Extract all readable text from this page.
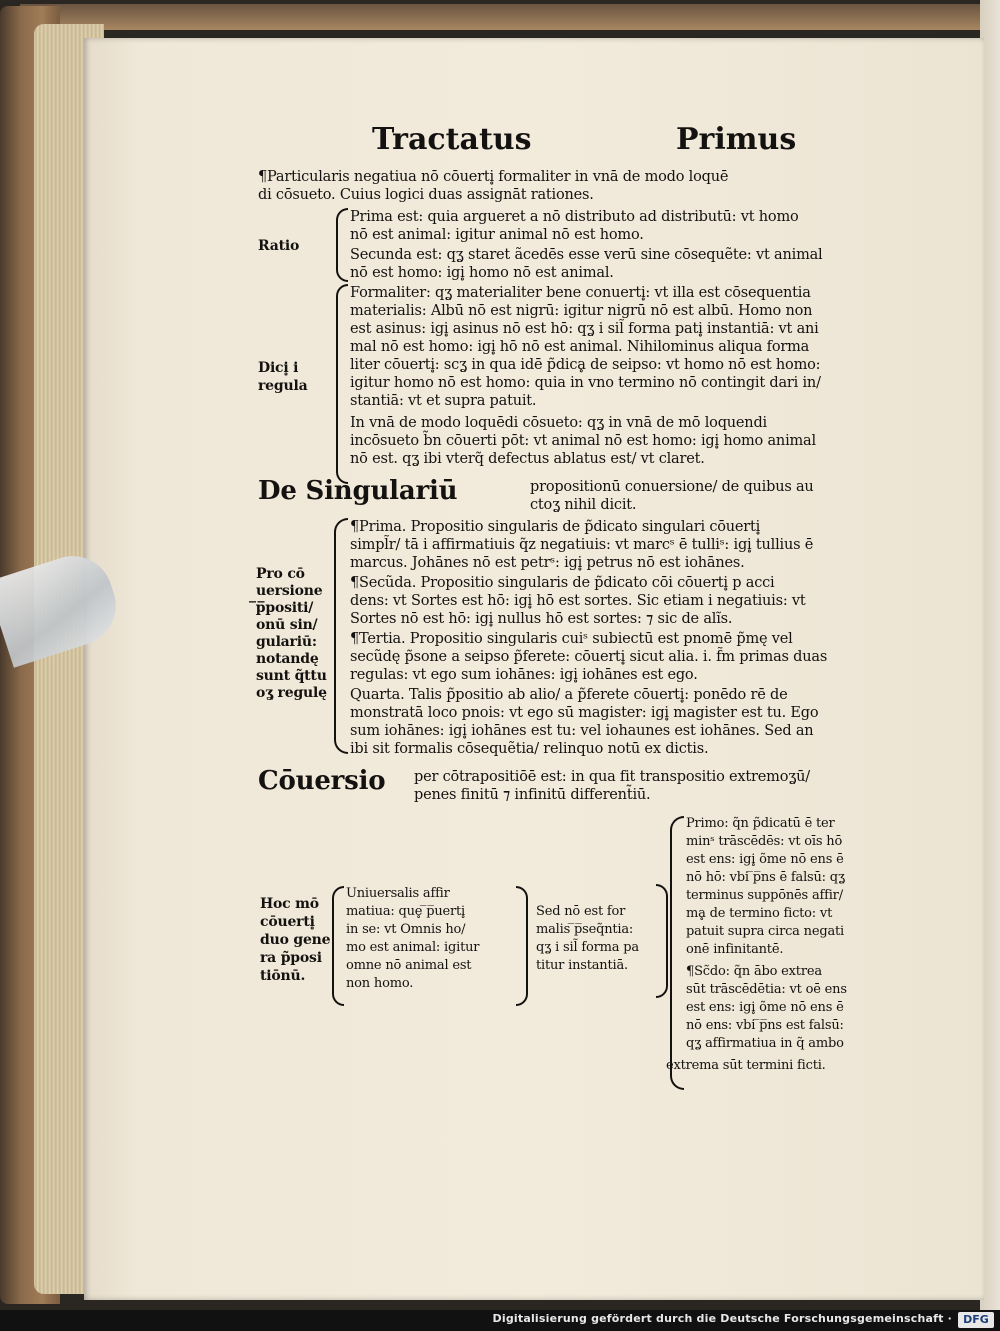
Tractatus	Primus
¶Particularis negatiua nō cōuerti̥ formaliter in vnā de modo loquē
di cōsueto. Cuius logici duas assignāt rationes.
Ratio
Prima est: quia argueret a nō distributo ad distributū: vt homo
nō est animal: igitur animal nō est homo.
Secunda est: qʓ staret ãcedēs esse verū sine cōsequẽte: vt animal
nō est homo: igi̥ homo nō est animal.
Dici̥ i
regula
Formaliter: qʓ materialiter bene conuerti̥: vt illa est cōsequentia
materialis: Albū nō est nigrū: igitur nigrū nō est albū. Homo non
est asinus: igi̥ asinus nō est hō: qʓ i sil̃ forma pati̥ instantiā: vt ani
mal nō est homo: igi̥ hō nō est animal. Nihilominus aliqua forma
liter cōuerti̥: scʓ in qua idē p̃dicḁ de seipso: vt homo nō est homo:
igitur homo nō est homo: quia in vno termino nō contingit dari in/
stantiā: vt et supra patuit.
In vnā de modo loquēdi cōsueto: qʓ in vnā de mō loquendi
incōsueto b̃n cōuerti pōt: vt animal nō est homo: igi̥ homo animal
nō est. qʓ ibi vterq̃ defectus ablatus est/ vt claret.
De Singulariū	propositionū conuersione/ de quibus au
ctoʓ nihil dicit.
Pro cō
uersione
̅p̅positi/
onū sin/
gulariū:
notandę
sunt q̃ttu
oʓ regulę
¶Prima. Propositio singularis de p̃dicato singulari cōuerti̥
simpl̃r/ tā i affirmatiuis q̃z negatiuis: vt marcˢ ē tulliˢ: igi̥ tullius ē
marcus. Johānes nō est petrˢ: igi̥ petrus nō est iohānes.
¶Secũda. Propositio singularis de p̃dicato cōi cōuerti̥ p acci
dens: vt Sortes est hō: igi̥ hō est sortes. Sic etiam i negatiuis: vt
Sortes nō est hō: igi̥ nullus hō est sortes: ⁊ sic de alĩs.
¶Tertia. Propositio singularis cuiˢ subiectū est pnomē p̃mę vel
secũdę p̃sone a seipso p̃ferete: cōuerti̥ sicut alia. i. f̃m primas duas
regulas: vt ego sum iohānes: igi̥ iohānes est ego.
Quarta. Talis p̃positio ab alio/ a p̃ferete cōuerti̥: ponēdo rē de
monstratā loco pnois: vt ego sū magister: igi̥ magister est tu. Ego
sum iohānes: igi̥ iohānes est tu: vel iohaunes est iohānes. Sed an
ibi sit formalis cōsequẽtia/ relinquo notū ex dictis.
Cōuersio per cōtrapositiōē est: in qua fit transpositio extremoʓū/
penes finitū ⁊ infinitū different̃iū.
Primo: q̃n p̃dicatū ē ter
minˢ trāscēdēs: vt oīs hō
est ens: igi̥ õme nō ens ē
nō hō: vbi ̅p̅ns ē falsū: qʓ
terminus suppōnēs affir/
mḁ de termino ficto: vt
patuit supra circa negati
onē infinitantē.
¶Sc̃do: q̃n ābo extrea
sūt trāscēdētia: vt oē ens
est ens: igi̥ õme nō ens ē
nō ens: vbi ̅p̅ns est falsū:
qʓ affirmatiua in q̃ ambo
extrema sūt termini ficti.
Hoc mō
cōuerti̥
duo gene
ra p̃posi
tiōnū.
Uniuersalis affir
matiua: que̥ ̅p̅uerti̥
in se: vt Omnis ho/
mo est animal: igitur
omne nō animal est
non homo.
Sed nō est for
malis ̅p̅seq̃ntia:
qʓ i sil̃ forma pa
titur instantiā.
Digitalisierung gefördert durch die Deutsche Forschungsgemeinschaft ·	DFG
